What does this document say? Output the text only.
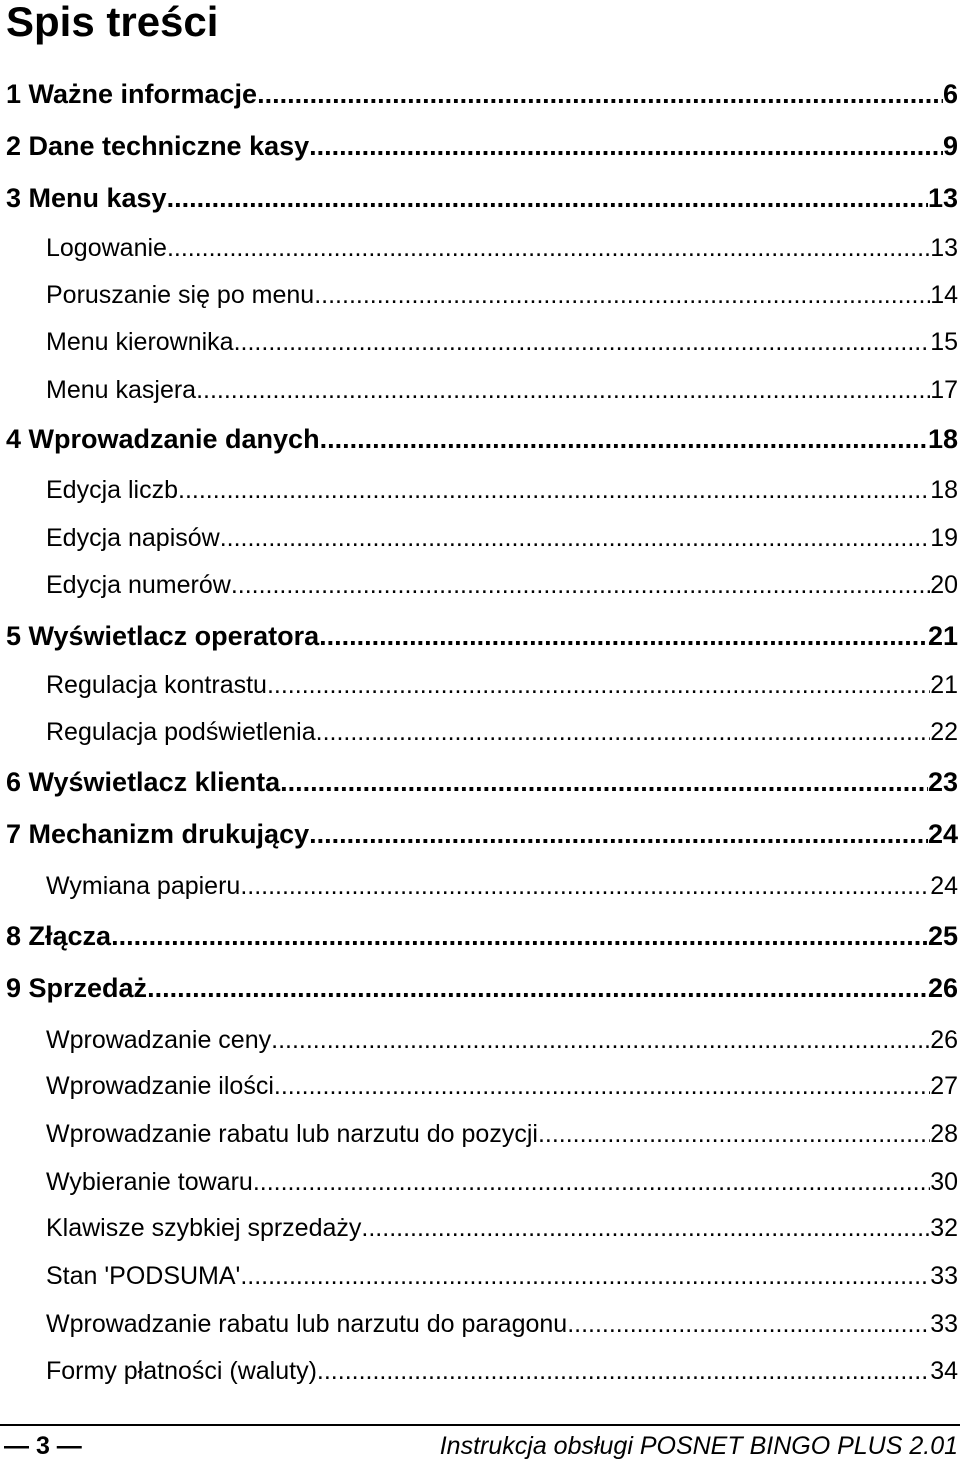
Spis treści
1 Ważne informacje .....	6
2 Dane techniczne kasy .....	9
3 Menu kasy .....	13
Logowanie .....	13
Poruszanie się po menu .....	14
Menu kierownika .....	15
Menu kasjera .....	17
4 Wprowadzanie danych .....	18
Edycja liczb .....	18
Edycja napisów .....	19
Edycja numerów .....	20
5 Wyświetlacz operatora .....	21
Regulacja kontrastu .....	21
Regulacja podświetlenia .....	22
6 Wyświetlacz klienta .....	23
7 Mechanizm drukujący .....	24
Wymiana papieru .....	24
8 Złącza .....	25
9 Sprzedaż .....	26
Wprowadzanie ceny .....	26
Wprowadzanie ilości .....	27
Wprowadzanie rabatu lub narzutu do pozycji .....	28
Wybieranie towaru .....	30
Klawisze szybkiej sprzedaży .....	32
Stan 'PODSUMA' .....	33
Wprowadzanie rabatu lub narzutu do paragonu .....	33
Formy płatności (waluty) .....	34
— 3 —	Instrukcja obsługi POSNET BINGO PLUS 2.01
